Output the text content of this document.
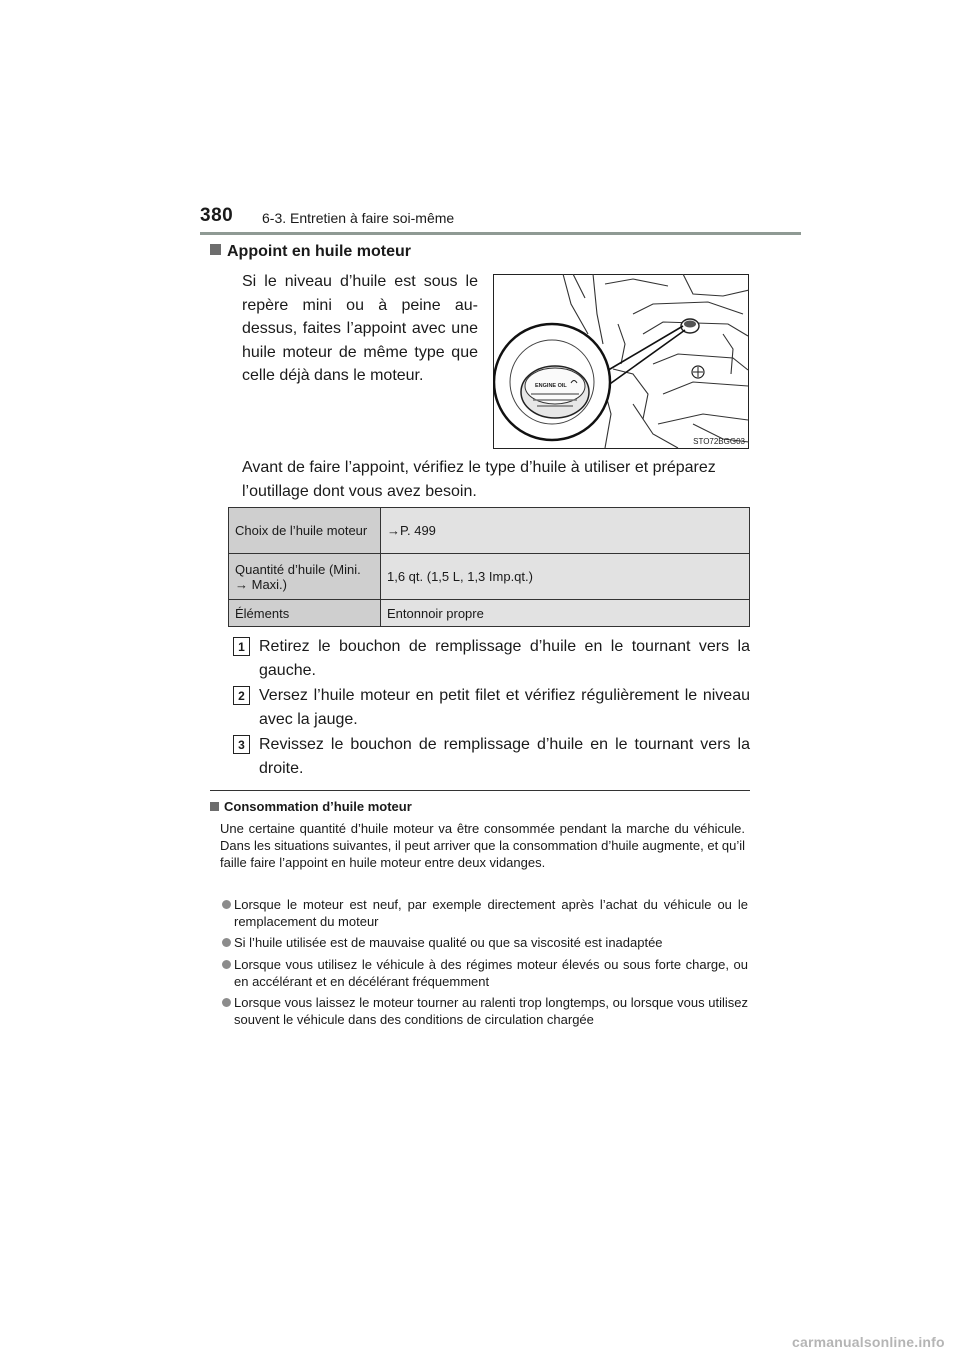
380 6-3. Entretien à faire soi-même
Appoint en huile moteur
Si le niveau d’huile est sous le repère mini ou à peine au-dessus, faites l’appoint avec une huile moteur de même type que celle déjà dans le moteur.
ENGINE OIL
STO72BGG03
Avant de faire l’appoint, vérifiez le type d’huile à utiliser et préparez l’outillage dont vous avez besoin.
Choix de l’huile moteur	→P. 499
Quantité d’huile (Mini. → Maxi.)	1,6 qt. (1,5 L, 1,3 Imp.qt.)
Éléments	Entonnoir propre
1 Retirez le bouchon de remplissage d’huile en le tournant vers la gauche.
2 Versez l’huile moteur en petit filet et vérifiez régulièrement le niveau avec la jauge.
3 Revissez le bouchon de remplissage d’huile en le tournant vers la droite.
Consommation d’huile moteur
Une certaine quantité d’huile moteur va être consommée pendant la marche du véhicule. Dans les situations suivantes, il peut arriver que la consommation d’huile augmente, et qu’il faille faire l’appoint en huile moteur entre deux vidanges.
Lorsque le moteur est neuf, par exemple directement après l’achat du véhicule ou le remplacement du moteur
Si l’huile utilisée est de mauvaise qualité ou que sa viscosité est inadaptée
Lorsque vous utilisez le véhicule à des régimes moteur élevés ou sous forte charge, ou en accélérant et en décélérant fréquemment
Lorsque vous laissez le moteur tourner au ralenti trop longtemps, ou lorsque vous utilisez souvent le véhicule dans des conditions de circulation chargée
carmanualsonline.info
